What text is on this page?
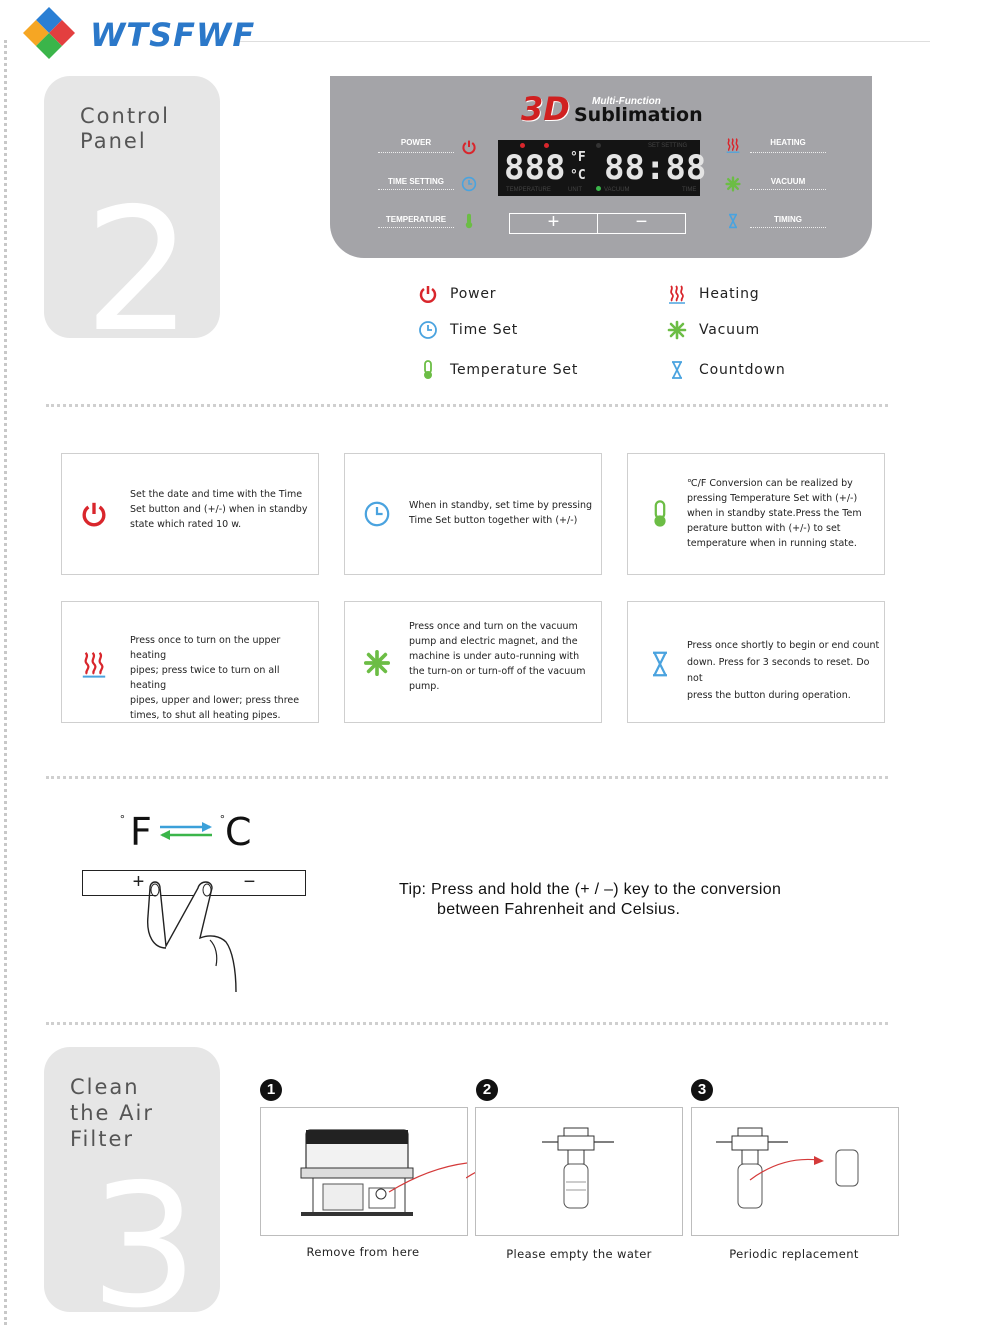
WTSFWF
Control
Panel
2
3D Multi-Function
Sublimation
POWER
TIME SETTING
TEMPERATURE
888 °F
°C 88:88
TEMPERATURE	UNIT	VACUUM
SET SETTING
TIME
+	−
HEATING
VACUUM
TIMING
Power
Time Set
Temperature Set
Heating
Vacuum
Countdown
Set the date and time with the Time
Set button and (+/-) when in standby
state which rated 10 w.
When in standby, set time by pressing
Time Set button together with (+/-)
℃/F Conversion can be realized by
pressing Temperature Set with (+/-)
when in standby state.Press the Tem
perature button with (+/-) to set
temperature when in running state.
Press once to turn on the upper heating
pipes; press twice to turn on all heating
pipes, upper and lower; press three
times, to shut all heating pipes.
Press once and turn on the vacuum
pump and electric magnet, and the
machine is under auto-running with
the turn-on or turn-off of the vacuum
pump.
Press once shortly to begin or end count
down. Press for 3 seconds to reset. Do not
press the button during operation.
° F	° C
+	−	Tip: Press and hold the (+ / –) key to the conversion
between Fahrenheit and Celsius.
Clean
the Air Filter
3
1	2	3
Remove from here	Please empty the water	Periodic replacement
